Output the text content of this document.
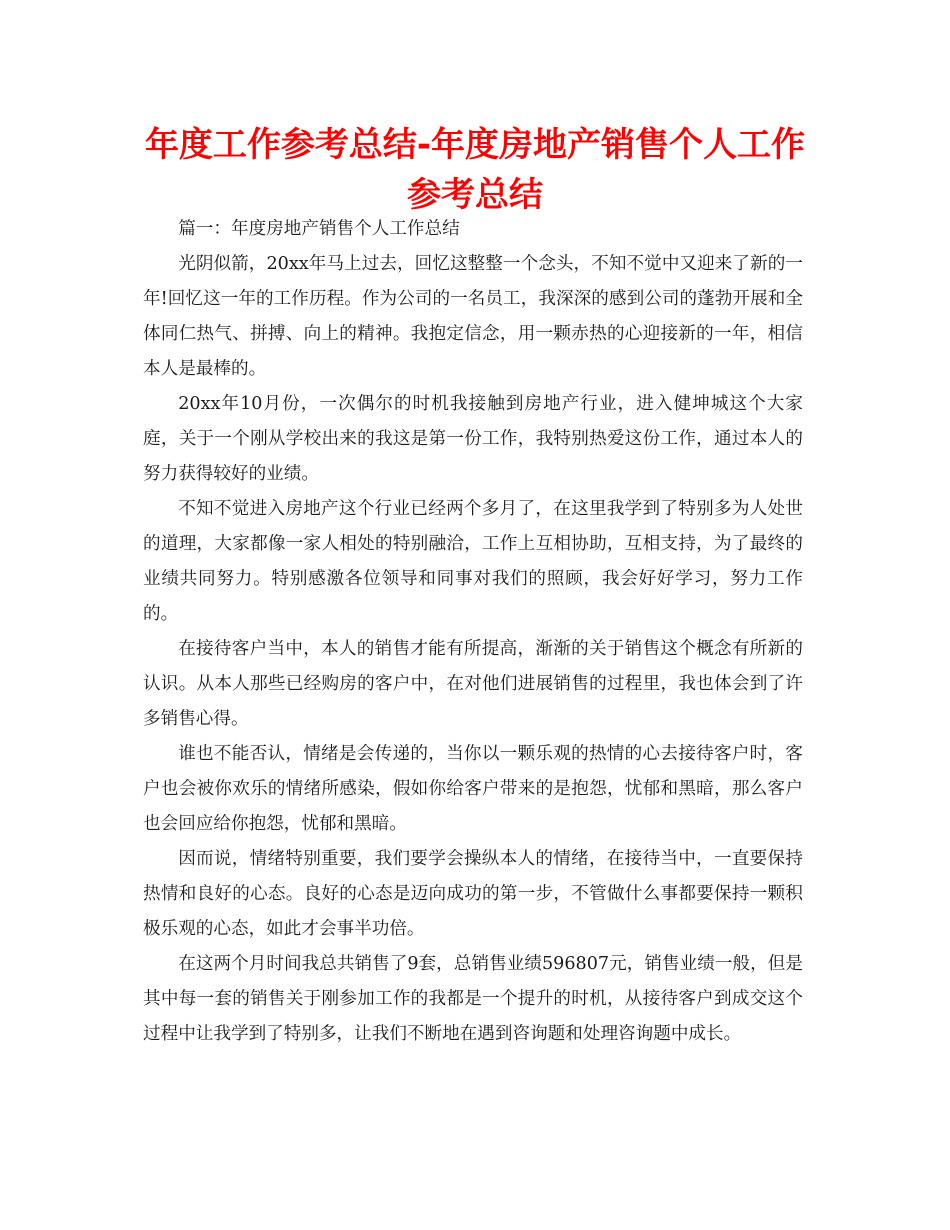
年度工作参考总结-年度房地产销售个人工作参考总结

篇一：年度房地产销售个人工作总结

光阴似箭，20xx年马上过去，回忆这整整一个念头，不知不觉中又迎来了新的一年!回忆这一年的工作历程。作为公司的一名员工，我深深的感到公司的蓬勃开展和全体同仁热气、拼搏、向上的精神。我抱定信念，用一颗赤热的心迎接新的一年，相信本人是最棒的。

20xx年10月份，一次偶尔的时机我接触到房地产行业，进入健坤城这个大家庭，关于一个刚从学校出来的我这是第一份工作，我特别热爱这份工作，通过本人的努力获得较好的业绩。

不知不觉进入房地产这个行业已经两个多月了，在这里我学到了特别多为人处世的道理，大家都像一家人相处的特别融洽，工作上互相协助，互相支持，为了最终的业绩共同努力。特别感激各位领导和同事对我们的照顾，我会好好学习，努力工作的。

在接待客户当中，本人的销售才能有所提高，渐渐的关于销售这个概念有所新的认识。从本人那些已经购房的客户中，在对他们进展销售的过程里，我也体会到了许多销售心得。

谁也不能否认，情绪是会传递的，当你以一颗乐观的热情的心去接待客户时，客户也会被你欢乐的情绪所感染，假如你给客户带来的是抱怨，忧郁和黑暗，那么客户也会回应给你抱怨，忧郁和黑暗。

因而说，情绪特别重要，我们要学会操纵本人的情绪，在接待当中，一直要保持热情和良好的心态。良好的心态是迈向成功的第一步，不管做什么事都要保持一颗积极乐观的心态，如此才会事半功倍。

在这两个月时间我总共销售了9套，总销售业绩596807元，销售业绩一般，但是其中每一套的销售关于刚参加工作的我都是一个提升的时机，从接待客户到成交这个过程中让我学到了特别多，让我们不断地在遇到咨询题和处理咨询题中成长。
